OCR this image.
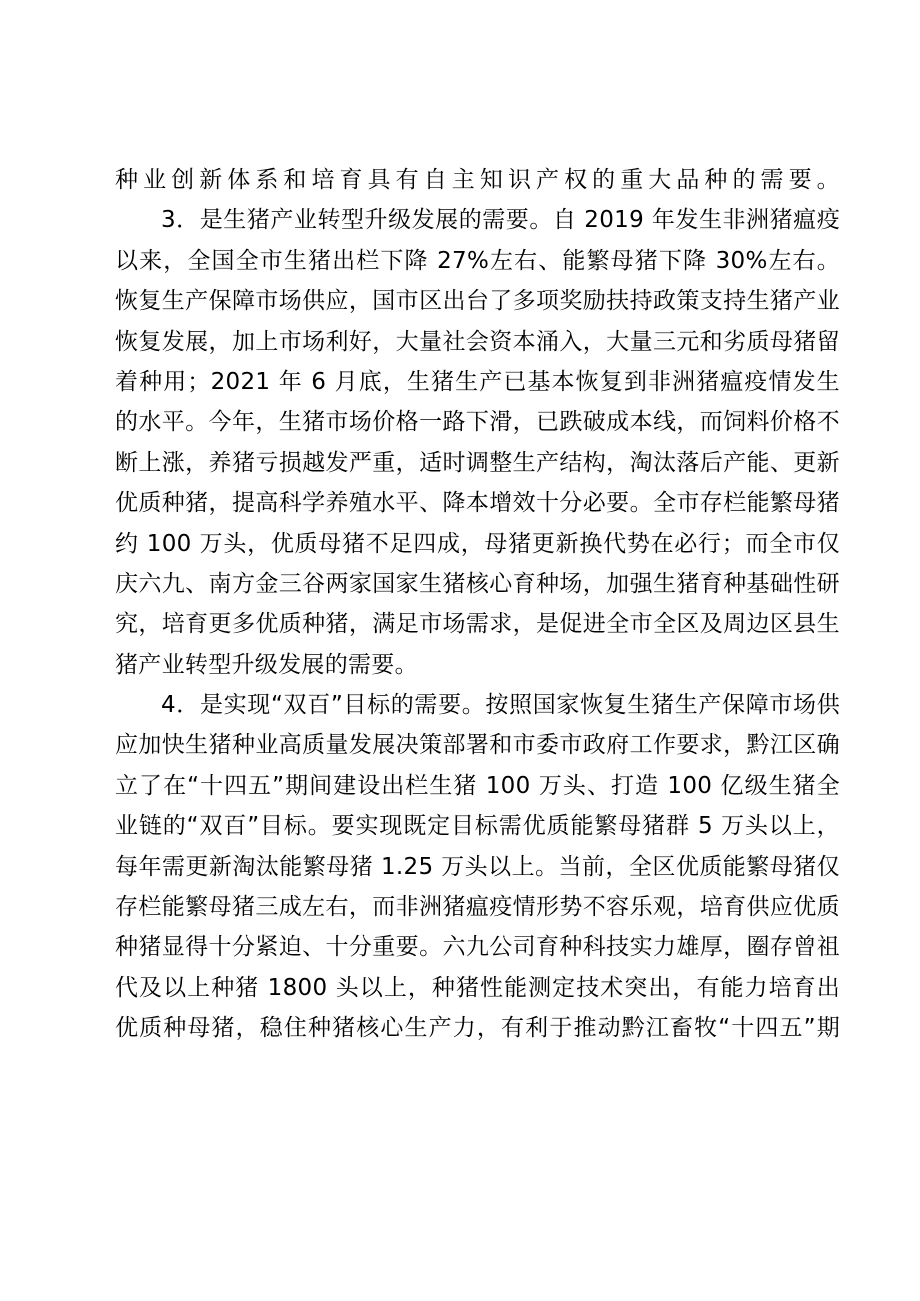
种业创新体系和培育具有自主知识产权的重大品种的需要。
3．是生猪产业转型升级发展的需要。自 2019 年发生非洲猪瘟疫
以来，全国全市生猪出栏下降 27%左右、能繁母猪下降 30%左右。
恢复生产保障市场供应，国市区出台了多项奖励扶持政策支持生猪产业
恢复发展，加上市场利好，大量社会资本涌入，大量三元和劣质母猪留
着种用；2021 年 6 月底，生猪生产已基本恢复到非洲猪瘟疫情发生
的水平。今年，生猪市场价格一路下滑，已跌破成本线，而饲料价格不
断上涨，养猪亏损越发严重，适时调整生产结构，淘汰落后产能、更新
优质种猪，提高科学养殖水平、降本增效十分必要。全市存栏能繁母猪
约 100 万头，优质母猪不足四成，母猪更新换代势在必行；而全市仅
庆六九、南方金三谷两家国家生猪核心育种场，加强生猪育种基础性研
究，培育更多优质种猪，满足市场需求，是促进全市全区及周边区县生
猪产业转型升级发展的需要。
4．是实现“双百”目标的需要。按照国家恢复生猪生产保障市场供
应加快生猪种业高质量发展决策部署和市委市政府工作要求，黔江区确
立了在“十四五”期间建设出栏生猪 100 万头、打造 100 亿级生猪全
业链的“双百”目标。要实现既定目标需优质能繁母猪群 5 万头以上，
每年需更新淘汰能繁母猪 1.25 万头以上。当前，全区优质能繁母猪仅
存栏能繁母猪三成左右，而非洲猪瘟疫情形势不容乐观，培育供应优质
种猪显得十分紧迫、十分重要。六九公司育种科技实力雄厚，圈存曾祖
代及以上种猪 1800 头以上，种猪性能测定技术突出，有能力培育出
优质种母猪，稳住种猪核心生产力，有利于推动黔江畜牧“十四五”期
